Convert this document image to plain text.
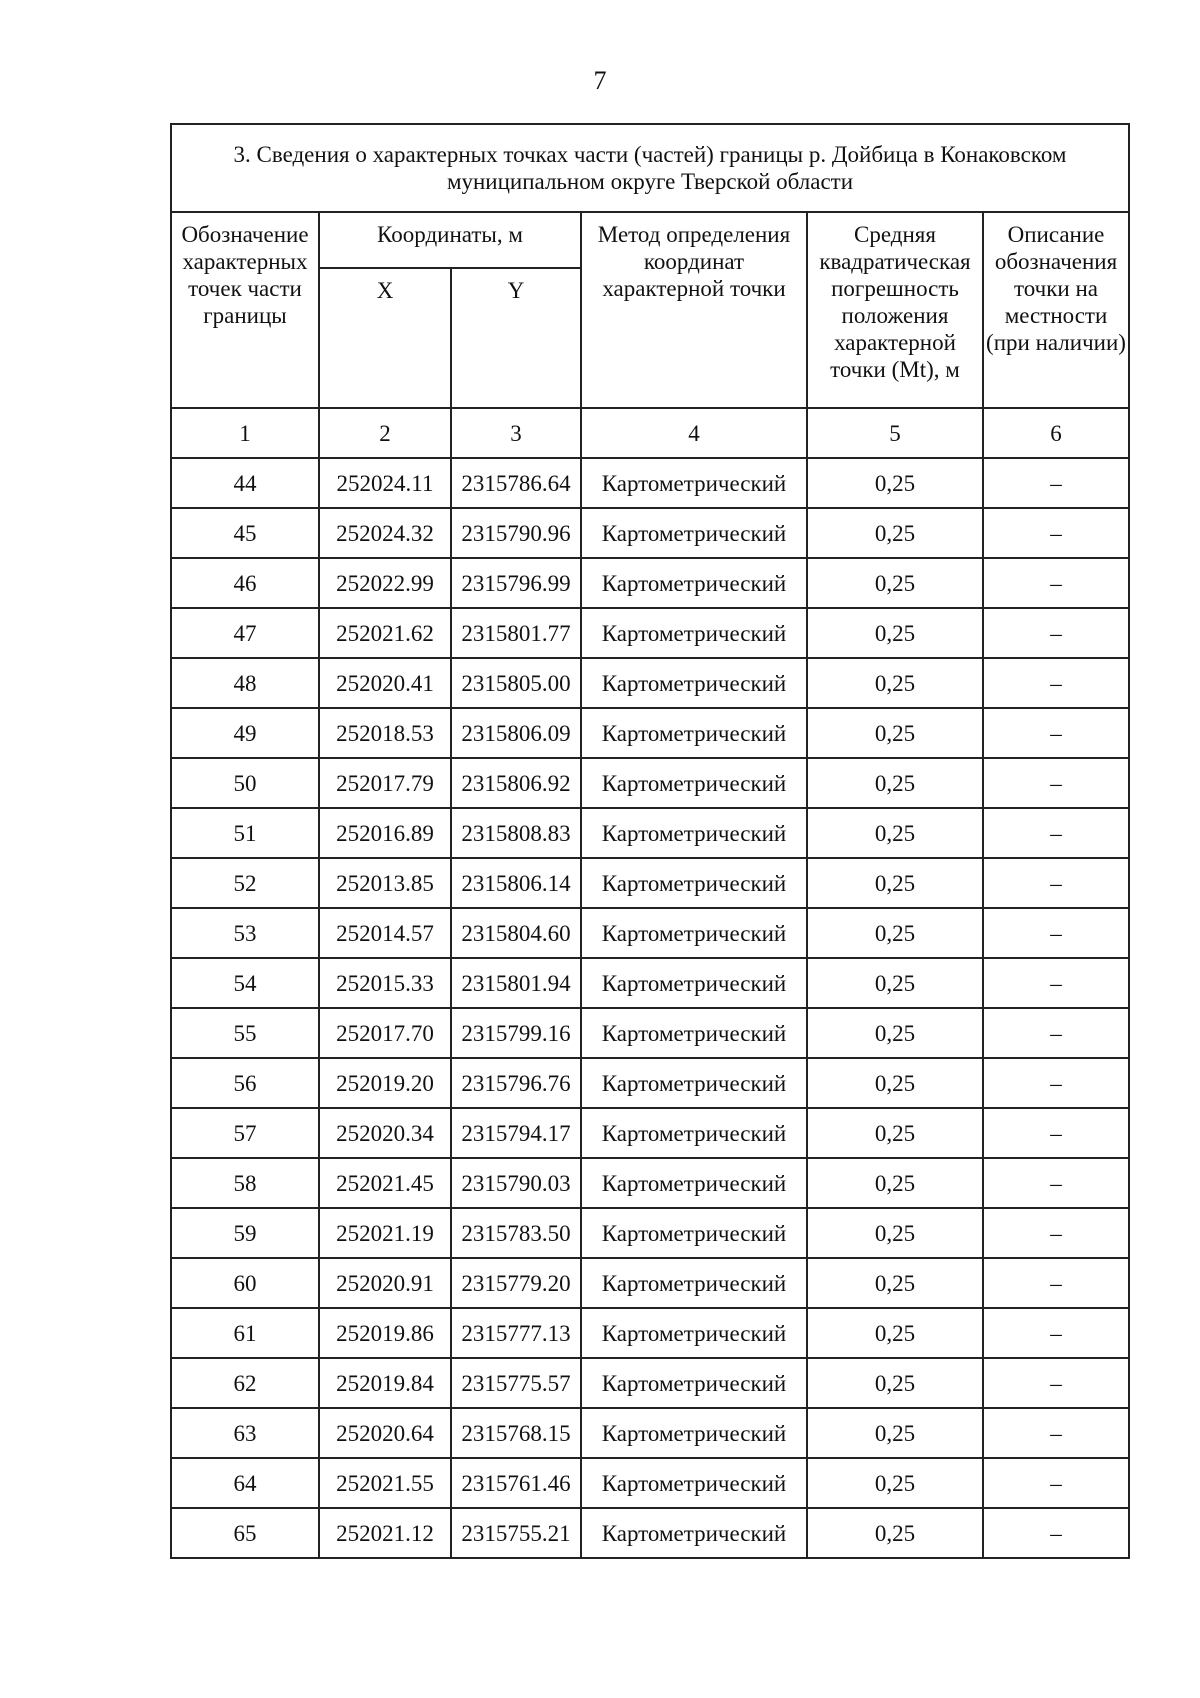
7
3. Сведения о характерных точках части (частей) границы р. Дойбица в Конаковском муниципальном округе Тверской области					
Обозначение характерных точек части границы	Координаты, м		Метод определения координат характерной точки	Средняя квадратическая погрешность положения характерной точки (Mt), м	Описание обозначения точки на местности (при наличии)
	X	Y			
1	2	3	4	5	6
44	252024.11	2315786.64	Картометрический	0,25	–
45	252024.32	2315790.96	Картометрический	0,25	–
46	252022.99	2315796.99	Картометрический	0,25	–
47	252021.62	2315801.77	Картометрический	0,25	–
48	252020.41	2315805.00	Картометрический	0,25	–
49	252018.53	2315806.09	Картометрический	0,25	–
50	252017.79	2315806.92	Картометрический	0,25	–
51	252016.89	2315808.83	Картометрический	0,25	–
52	252013.85	2315806.14	Картометрический	0,25	–
53	252014.57	2315804.60	Картометрический	0,25	–
54	252015.33	2315801.94	Картометрический	0,25	–
55	252017.70	2315799.16	Картометрический	0,25	–
56	252019.20	2315796.76	Картометрический	0,25	–
57	252020.34	2315794.17	Картометрический	0,25	–
58	252021.45	2315790.03	Картометрический	0,25	–
59	252021.19	2315783.50	Картометрический	0,25	–
60	252020.91	2315779.20	Картометрический	0,25	–
61	252019.86	2315777.13	Картометрический	0,25	–
62	252019.84	2315775.57	Картометрический	0,25	–
63	252020.64	2315768.15	Картометрический	0,25	–
64	252021.55	2315761.46	Картометрический	0,25	–
65	252021.12	2315755.21	Картометрический	0,25	–
